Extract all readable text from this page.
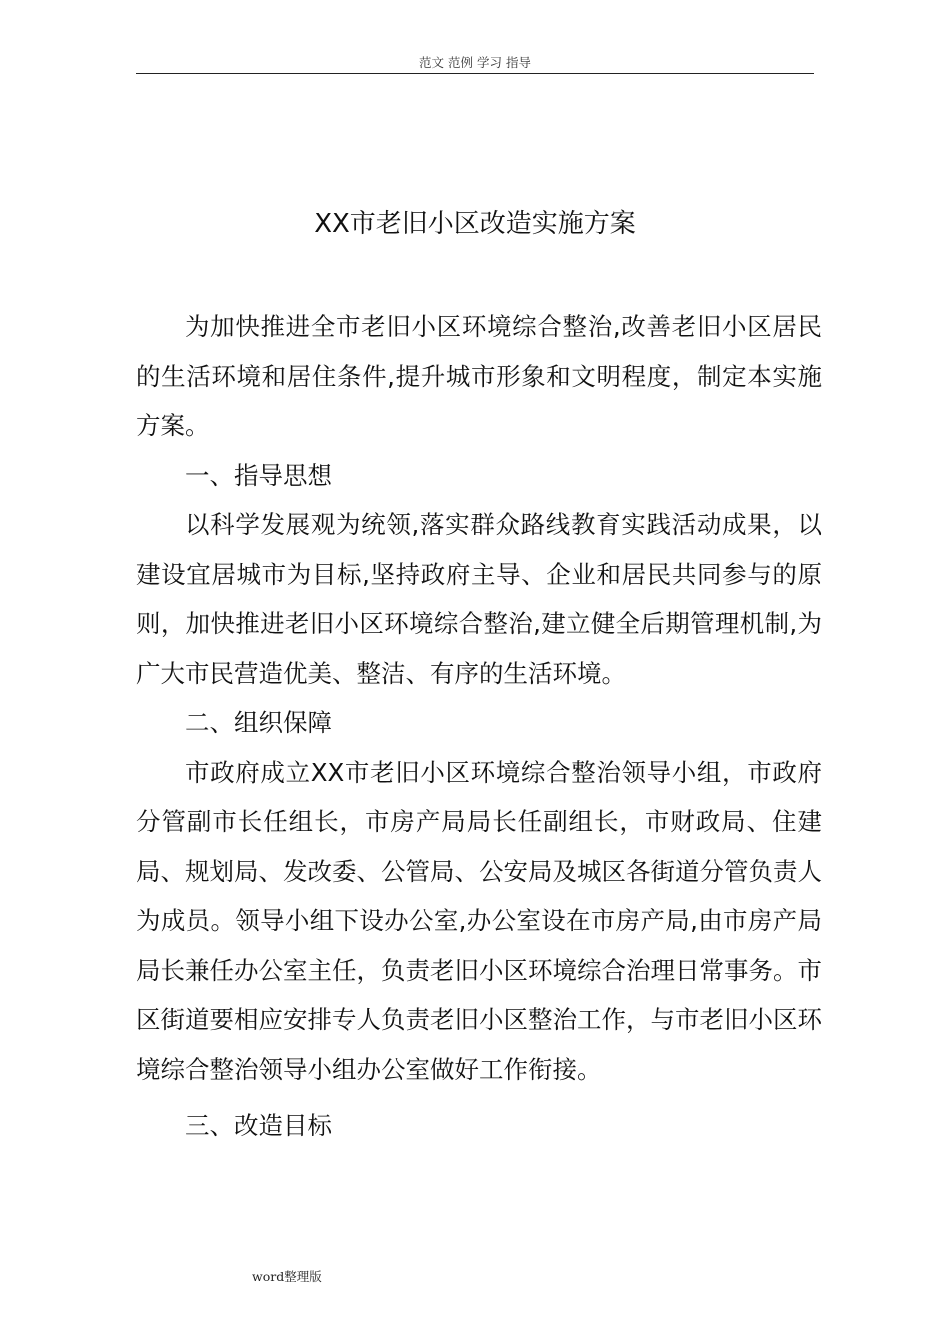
范文 范例 学习 指导
XX市老旧小区改造实施方案

为加快推进全市老旧小区环境综合整治,改善老旧小区居民的生活环境和居住条件,提升城市形象和文明程度，制定本实施方案。

一、指导思想

以科学发展观为统领,落实群众路线教育实践活动成果，以建设宜居城市为目标,坚持政府主导、企业和居民共同参与的原则，加快推进老旧小区环境综合整治,建立健全后期管理机制,为广大市民营造优美、整洁、有序的生活环境。

二、组织保障

市政府成立XX市老旧小区环境综合整治领导小组，市政府分管副市长任组长，市房产局局长任副组长，市财政局、住建局、规划局、发改委、公管局、公安局及城区各街道分管负责人为成员。领导小组下设办公室,办公室设在市房产局,由市房产局局长兼任办公室主任，负责老旧小区环境综合治理日常事务。市区街道要相应安排专人负责老旧小区整治工作，与市老旧小区环境综合整治领导小组办公室做好工作衔接。

三、改造目标

word整理版
